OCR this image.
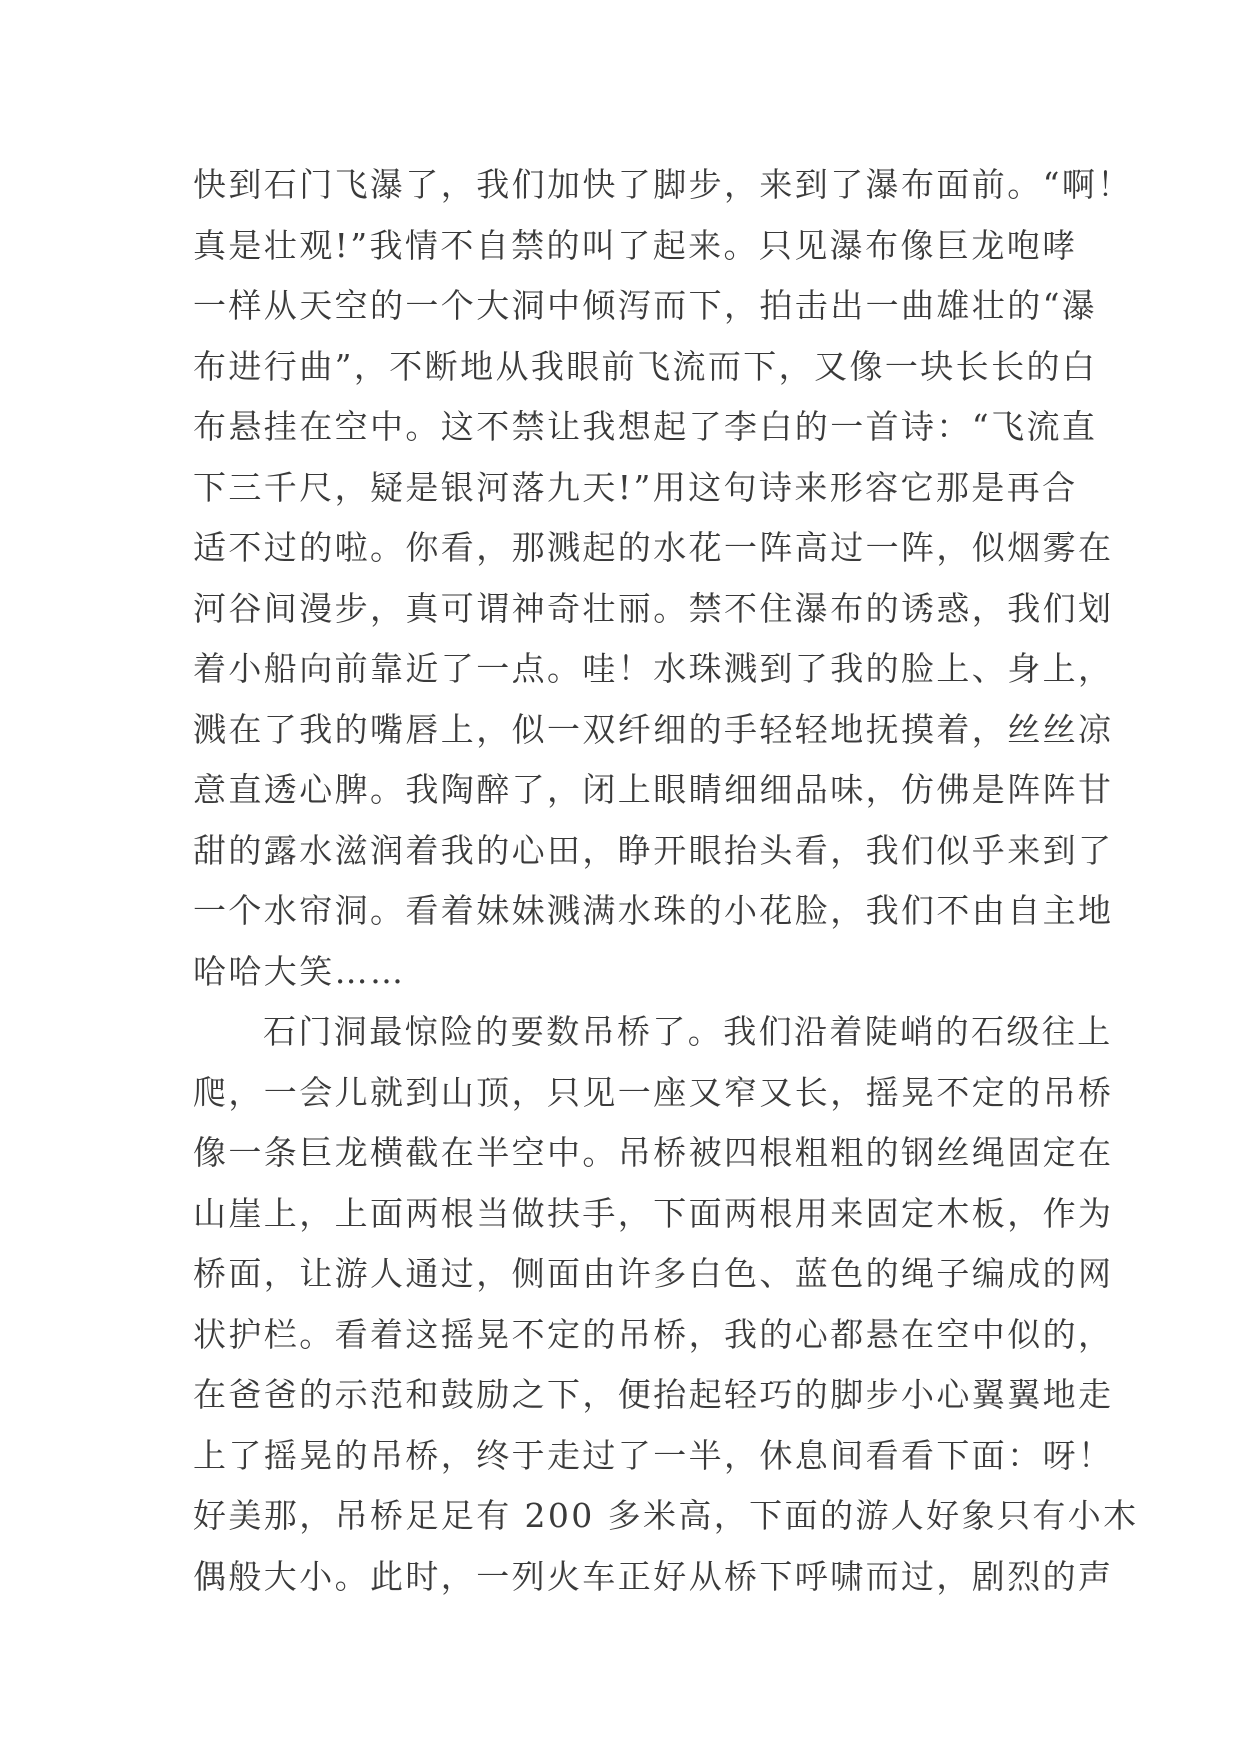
快到石门飞瀑了，我们加快了脚步，来到了瀑布面前。“啊！
真是壮观!”我情不自禁的叫了起来。只见瀑布像巨龙咆哮
一样从天空的一个大洞中倾泻而下，拍击出一曲雄壮的“瀑
布进行曲”，不断地从我眼前飞流而下，又像一块长长的白
布悬挂在空中。这不禁让我想起了李白的一首诗：“飞流直
下三千尺，疑是银河落九天!”用这句诗来形容它那是再合
适不过的啦。你看，那溅起的水花一阵高过一阵，似烟雾在
河谷间漫步，真可谓神奇壮丽。禁不住瀑布的诱惑，我们划
着小船向前靠近了一点。哇！水珠溅到了我的脸上、身上，
溅在了我的嘴唇上，似一双纤细的手轻轻地抚摸着，丝丝凉
意直透心脾。我陶醉了，闭上眼睛细细品味，仿佛是阵阵甘
甜的露水滋润着我的心田，睁开眼抬头看，我们似乎来到了
一个水帘洞。看着妹妹溅满水珠的小花脸，我们不由自主地
哈哈大笑……
石门洞最惊险的要数吊桥了。我们沿着陡峭的石级往上
爬，一会儿就到山顶，只见一座又窄又长，摇晃不定的吊桥
像一条巨龙横截在半空中。吊桥被四根粗粗的钢丝绳固定在
山崖上，上面两根当做扶手，下面两根用来固定木板，作为
桥面，让游人通过，侧面由许多白色、蓝色的绳子编成的网
状护栏。看着这摇晃不定的吊桥，我的心都悬在空中似的，
在爸爸的示范和鼓励之下，便抬起轻巧的脚步小心翼翼地走
上了摇晃的吊桥，终于走过了一半，休息间看看下面：呀！
好美那，吊桥足足有 200 多米高，下面的游人好象只有小木
偶般大小。此时，一列火车正好从桥下呼啸而过，剧烈的声
